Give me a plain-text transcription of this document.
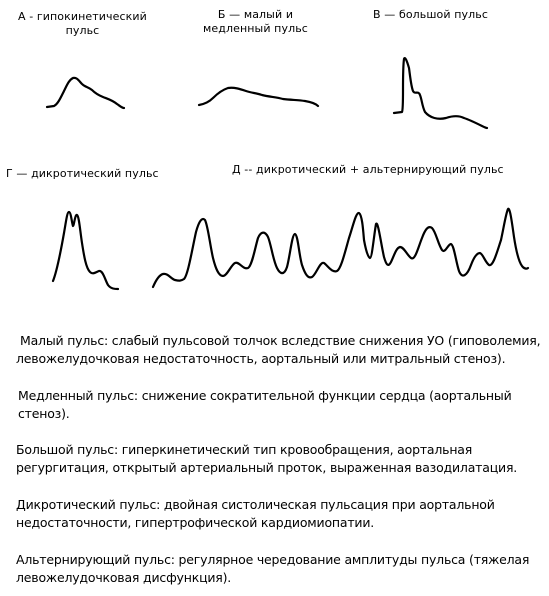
А - гипокинетический
пульс
Б — малый и
медленный пульс
В — большой пульс
Г — дикротический пульс	Д -- дикротический + альтернирующий пульс

Малый пульс: слабый пульсовой толчок вследствие снижения УО (гиповолемия, левожелудочковая недостаточность, аортальный или митральный стеноз).

Медленный пульс: снижение сократительной функции сердца (аортальный стеноз).

Большой пульс: гиперкинетический тип кровообращения, аортальная регургитация, открытый артериальный проток, выраженная вазодилатация.

Дикротический пульс: двойная систолическая пульсация при аортальной недостаточности, гипертрофической кардиомиопатии.

Альтернирующий пульс: регулярное чередование амплитуды пульса (тяжелая левожелудочковая дисфункция).
